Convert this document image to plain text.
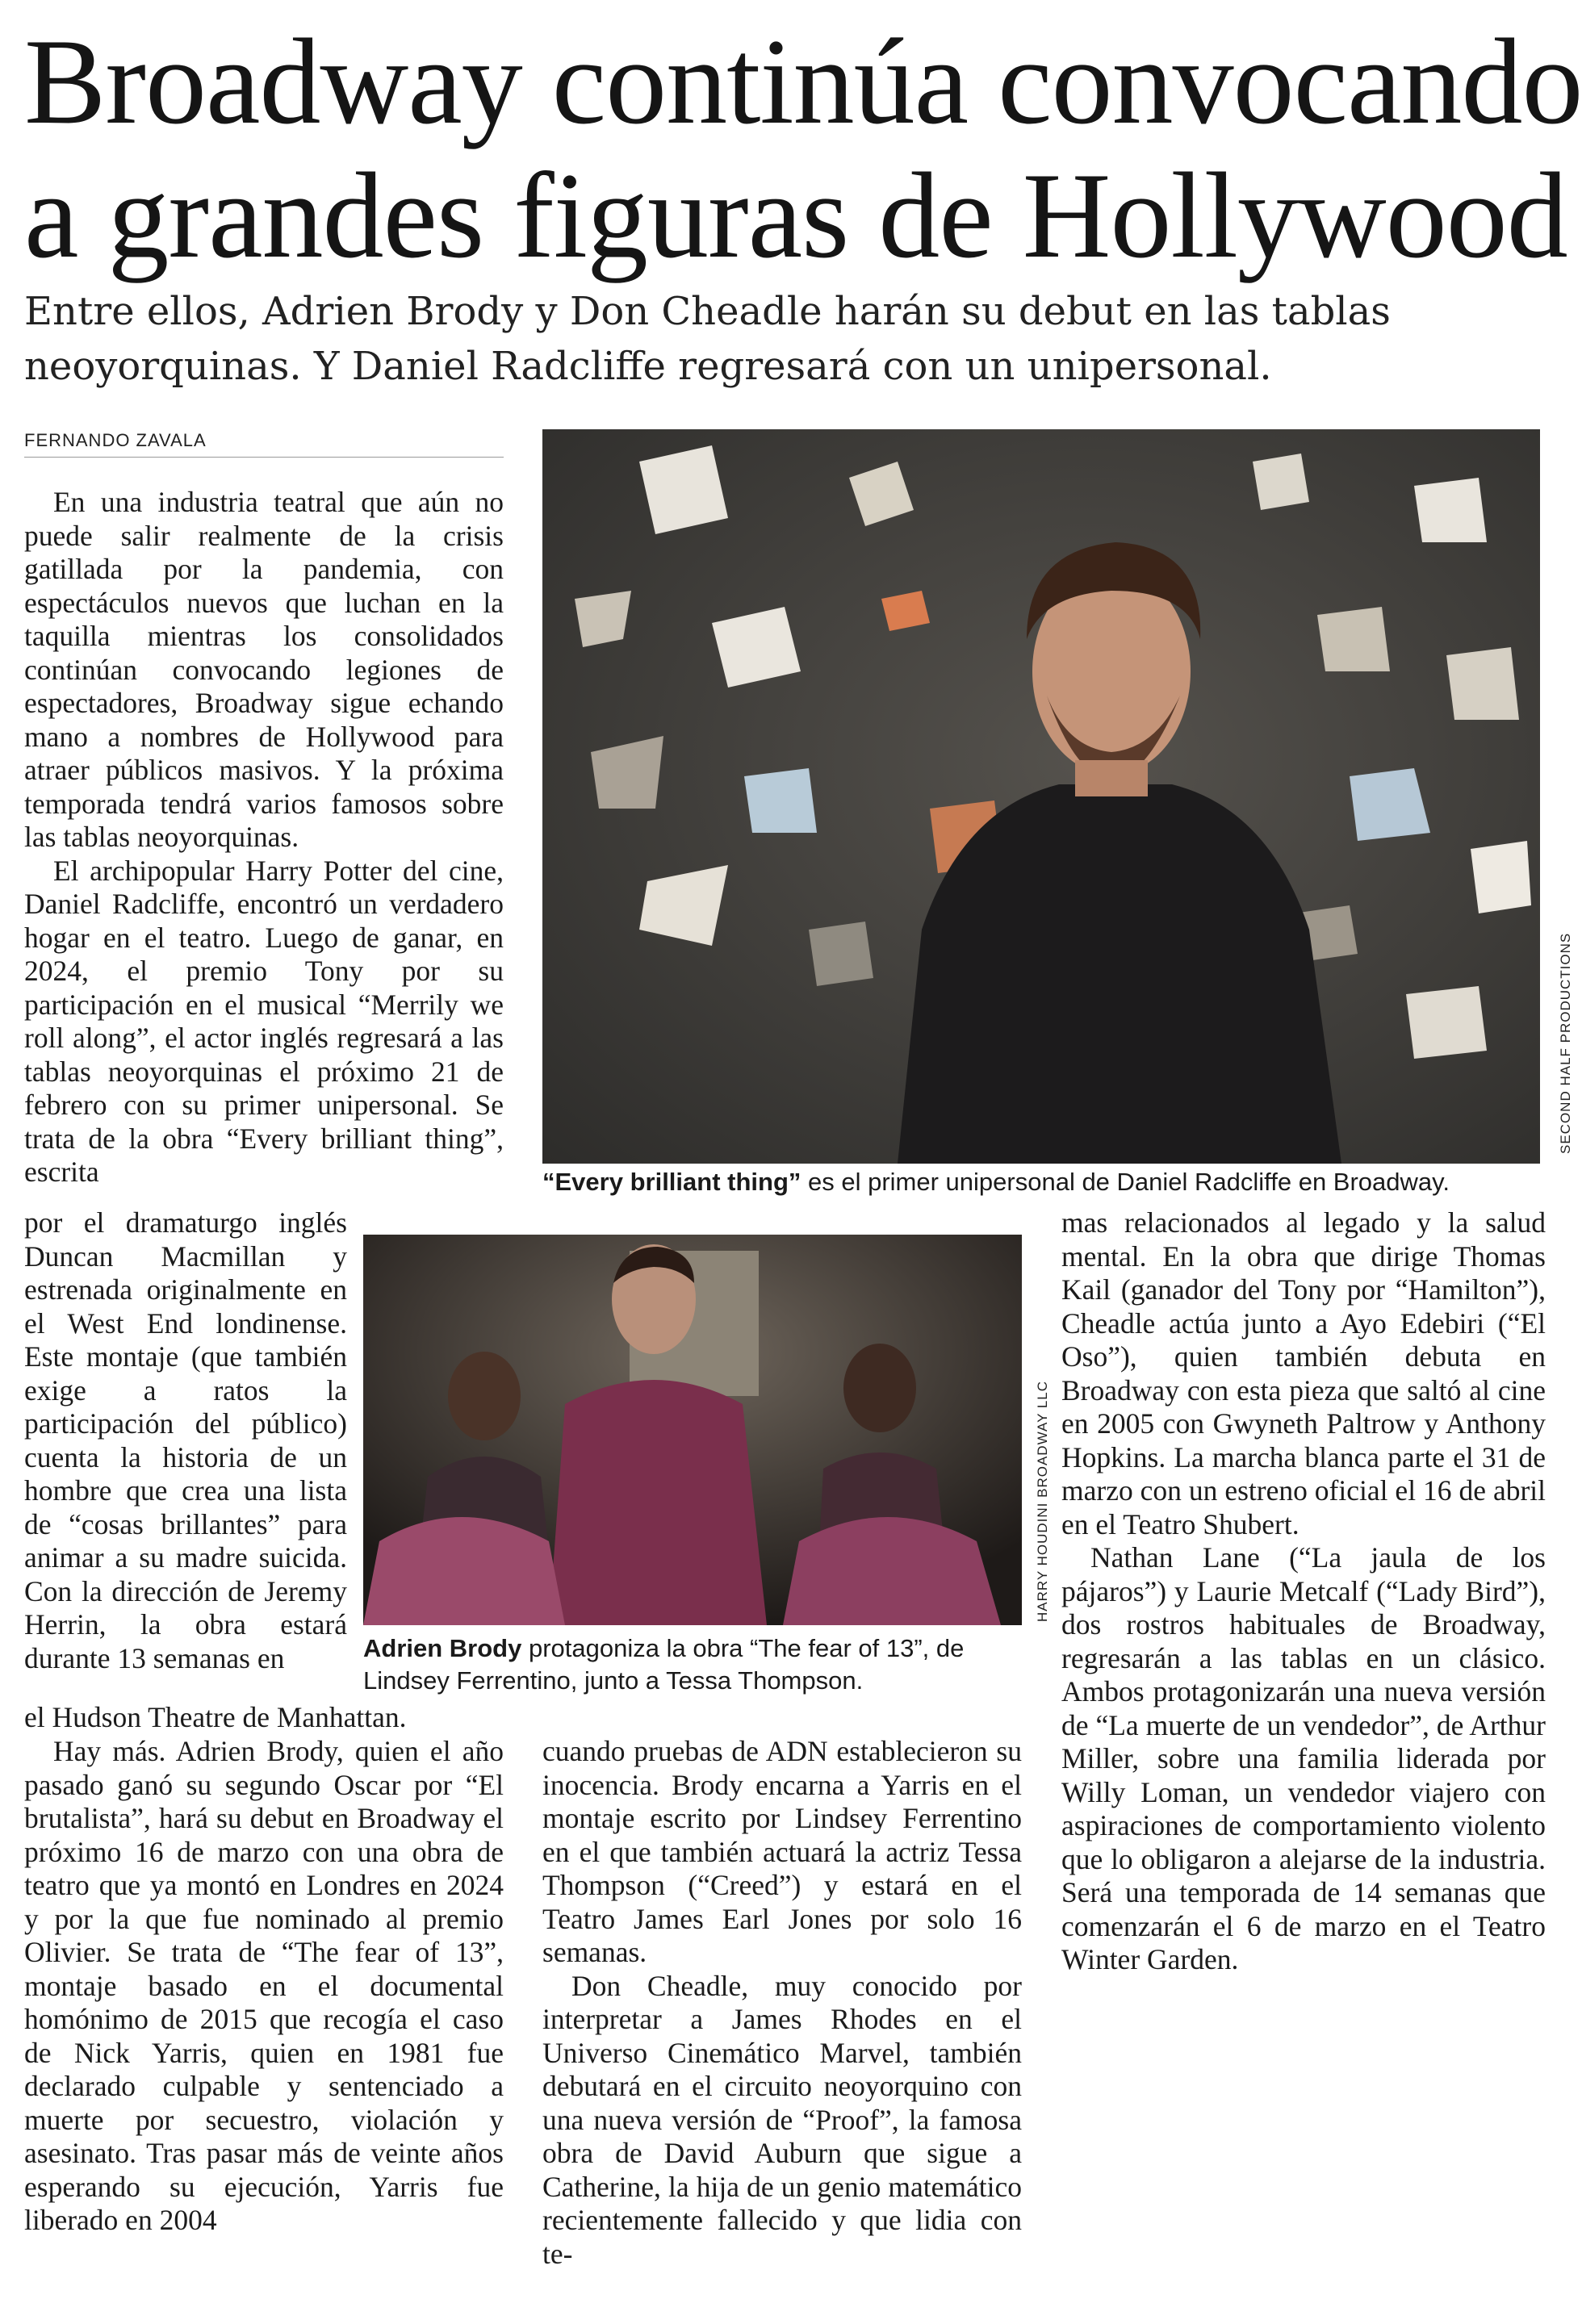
Broadway continúa convocando
a grandes figuras de Hollywood

Entre ellos, Adrien Brody y Don Cheadle harán su debut en las tablas
neoyorquinas. Y Daniel Radcliffe regresará con un unipersonal.

FERNANDO ZAVALA
SECOND HALF PRODUCTIONS
“Every brilliant thing” es el primer unipersonal de Daniel Radcliffe en Broadway.
HARRY HOUDINI BROADWAY LLC
Adrien Brody protagoniza la obra “The fear of 13”, de Lindsey Ferrentino, junto a Tessa Thompson.

En una industria teatral que aún no puede salir realmente de la crisis gatillada por la pandemia, con espectáculos nuevos que luchan en la taquilla mientras los consolidados continúan convocando legiones de espectadores, Broadway sigue echando mano a nombres de Hollywood para atraer públicos masivos. Y la próxima temporada tendrá varios famosos sobre las tablas neoyorquinas.

El archipopular Harry Potter del cine, Daniel Radcliffe, encontró un verdadero hogar en el teatro. Luego de ganar, en 2024, el premio Tony por su participación en el musical “Merrily we roll along”, el actor inglés regresará a las tablas neoyorquinas el próximo 21 de febrero con su primer unipersonal. Se trata de la obra “Every brilliant thing”, escrita

por el dramaturgo inglés Duncan Macmillan y estrenada originalmente en el West End londinense. Este montaje (que también exige a ratos la participación del público) cuenta la historia de un hombre que crea una lista de “cosas brillantes” para animar a su madre suicida. Con la dirección de Jeremy Herrin, la obra estará durante 13 semanas en

el Hudson Theatre de Manhattan.

Hay más. Adrien Brody, quien el año pasado ganó su segundo Oscar por “El brutalista”, hará su debut en Broadway el próximo 16 de marzo con una obra de teatro que ya montó en Londres en 2024 y por la que fue nominado al premio Olivier. Se trata de “The fear of 13”, montaje basado en el documental homónimo de 2015 que recogía el caso de Nick Yarris, quien en 1981 fue declarado culpable y sentenciado a muerte por secuestro, violación y asesinato. Tras pasar más de veinte años esperando su ejecución, Yarris fue liberado en 2004

cuando pruebas de ADN establecieron su inocencia. Brody encarna a Yarris en el montaje escrito por Lindsey Ferrentino en el que también actuará la actriz Tessa Thompson (“Creed”) y estará en el Teatro James Earl Jones por solo 16 semanas.

Don Cheadle, muy conocido por interpretar a James Rhodes en el Universo Cinemático Marvel, también debutará en el circuito neoyorquino con una nueva versión de “Proof”, la famosa obra de David Auburn que sigue a Catherine, la hija de un genio matemático recientemente fallecido y que lidia con te-

mas relacionados al legado y la salud mental. En la obra que dirige Thomas Kail (ganador del Tony por “Hamilton”), Cheadle actúa junto a Ayo Edebiri (“El Oso”), quien también debuta en Broadway con esta pieza que saltó al cine en 2005 con Gwyneth Paltrow y Anthony Hopkins. La marcha blanca parte el 31 de marzo con un estreno oficial el 16 de abril en el Teatro Shubert.

Nathan Lane (“La jaula de los pájaros”) y Laurie Metcalf (“Lady Bird”), dos rostros habituales de Broadway, regresarán a las tablas en un clásico. Ambos protagonizarán una nueva versión de “La muerte de un vendedor”, de Arthur Miller, sobre una familia liderada por Willy Loman, un vendedor viajero con aspiraciones de comportamiento violento que lo obligaron a alejarse de la industria. Será una temporada de 14 semanas que comenzarán el 6 de marzo en el Teatro Winter Garden.
